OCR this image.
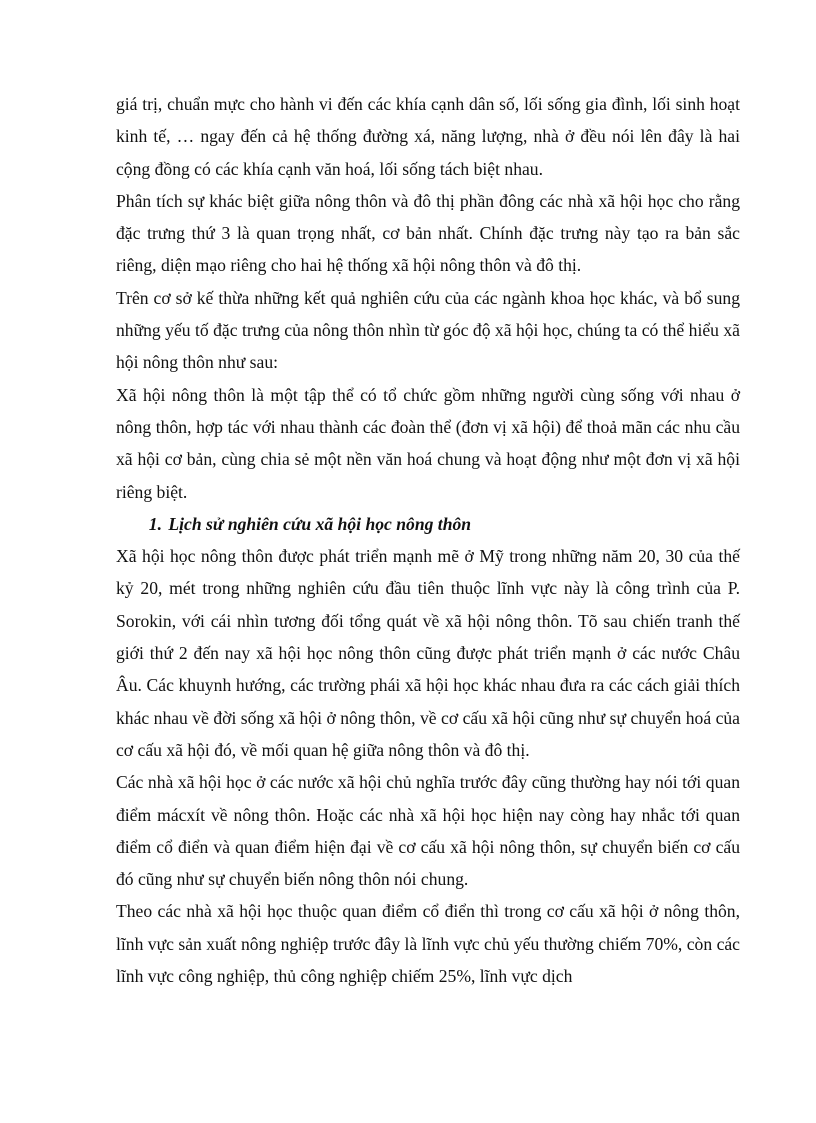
giá trị, chuẩn mực cho hành vi đến các khía cạnh dân số, lối sống gia đình, lối sinh hoạt kinh tế, … ngay đến cả hệ thống đường xá, năng lượng, nhà ở đều nói lên đây là hai cộng đồng có các khía cạnh văn hoá, lối sống tách biệt nhau.

Phân tích sự khác biệt giữa nông thôn và đô thị phần đông các nhà xã hội học cho rằng đặc trưng thứ 3 là quan trọng nhất, cơ bản nhất. Chính đặc trưng này tạo ra bản sắc riêng, diện mạo riêng cho hai hệ thống xã hội nông thôn và đô thị.

Trên cơ sở kế thừa những kết quả nghiên cứu của các ngành khoa học khác, và bổ sung những yếu tố đặc trưng của nông thôn nhìn từ góc độ xã hội học, chúng ta có thể hiểu xã hội nông thôn như sau:

Xã hội nông thôn là một tập thể có tổ chức gồm những người cùng sống với nhau ở nông thôn, hợp tác với nhau thành các đoàn thể (đơn vị xã hội) để thoả mãn các nhu cầu xã hội cơ bản, cùng chia sẻ một nền văn hoá chung và hoạt động như một đơn vị xã hội riêng biệt.

1. Lịch sử nghiên cứu xã hội học nông thôn

Xã hội học nông thôn được phát triển mạnh mẽ ở Mỹ trong những năm 20, 30 của thế kỷ 20, mét trong những nghiên cứu đầu tiên thuộc lĩnh vực này là công trình của P. Sorokin, với cái nhìn tương đối tổng quát về xã hội nông thôn. Tõ sau chiến tranh thế giới thứ 2 đến nay xã hội học nông thôn cũng được phát triển mạnh ở các nước Châu Âu. Các khuynh hướng, các trường phái xã hội học khác nhau đưa ra các cách giải thích khác nhau về đời sống xã hội ở nông thôn, về cơ cấu xã hội cũng như sự chuyển hoá của cơ cấu xã hội đó, về mối quan hệ giữa nông thôn và đô thị.

Các nhà xã hội học ở các nước xã hội chủ nghĩa trước đây cũng thường hay nói tới quan điểm mácxít về nông thôn. Hoặc các nhà xã hội học hiện nay còng hay nhắc tới quan điểm cổ điển và quan điểm hiện đại về cơ cấu xã hội nông thôn, sự chuyển biến cơ cấu đó cũng như sự chuyển biến nông thôn nói chung.

Theo các nhà xã hội học thuộc quan điểm cổ điển thì trong cơ cấu xã hội ở nông thôn, lĩnh vực sản xuất nông nghiệp trước đây là lĩnh vực chủ yếu thường chiếm 70%, còn các lĩnh vực công nghiệp, thủ công nghiệp chiếm 25%, lĩnh vực dịch
